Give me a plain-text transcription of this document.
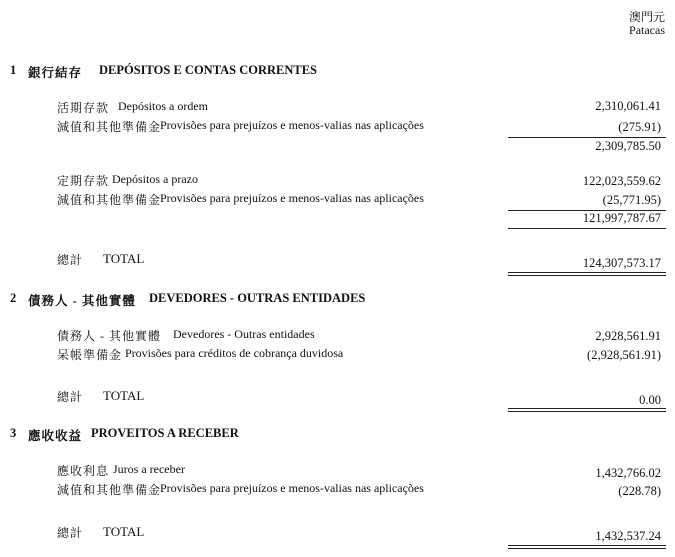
澳門元
Patacas
1 銀行結存 DEPÓSITOS E CONTAS CORRENTES
活期存款 Depósitos a ordem	2,310,061.41
減值和其他準備金
Provisões para prejuízos e menos-valias nas aplicações	(275.91)
2,309,785.50
定期存款 Depósitos a prazo	122,023,559.62
減值和其他準備金
Provisões para prejuízos e menos-valias nas aplicações	(25,771.95)
121,997,787.67
總計 TOTAL	124,307,573.17
2 債務人 - 其他實體 DEVEDORES - OUTRAS ENTIDADES
債務人 - 其他實體 Devedores - Outras entidades	2,928,561.91
呆帳準備金 Provisões para créditos de cobrança duvidosa	(2,928,561.91)
總計 TOTAL	0.00
3 應收收益 PROVEITOS A RECEBER
應收利息 Juros a receber	1,432,766.02
減值和其他準備金
Provisões para prejuízos e menos-valias nas aplicações	(228.78)
總計 TOTAL	1,432,537.24
